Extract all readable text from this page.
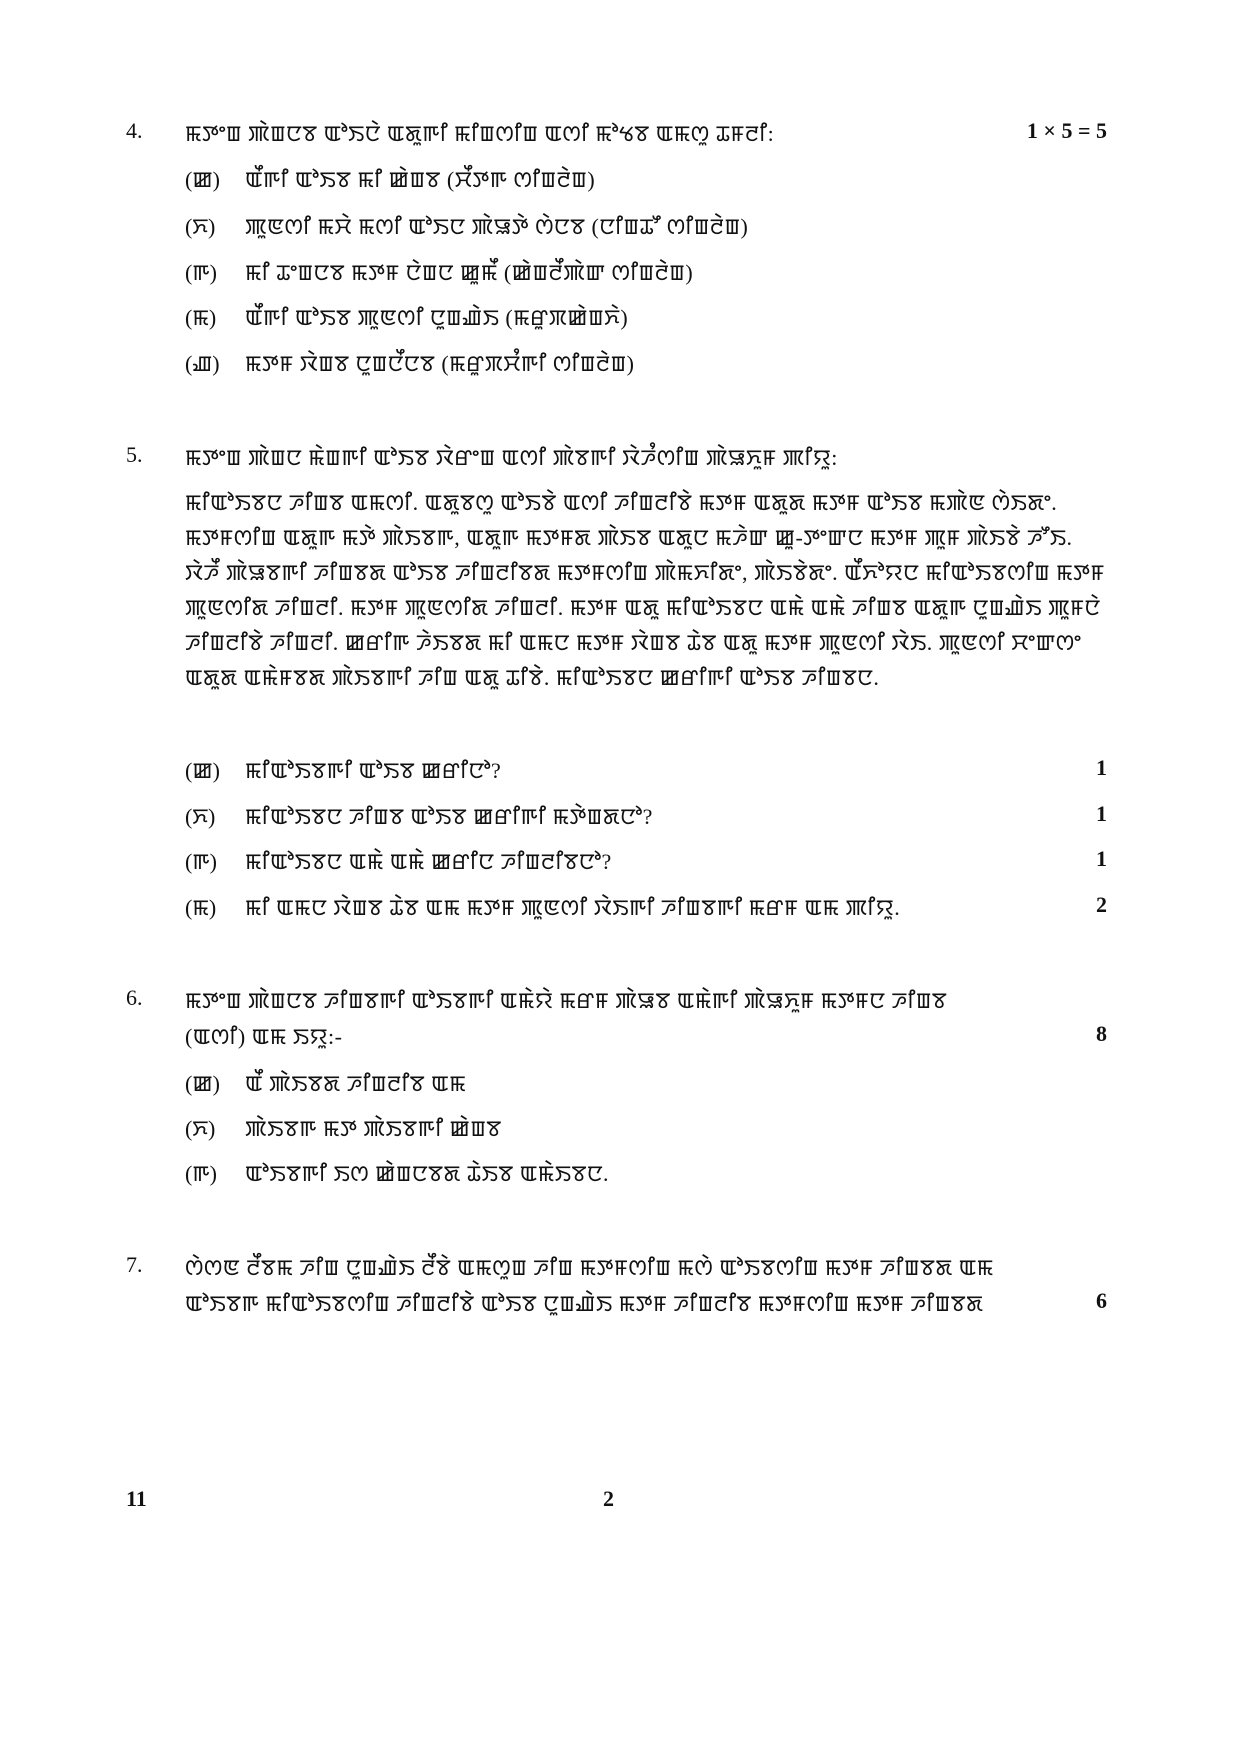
4. ꯃꯇꯦꯡ ꯄꯥꯡꯅꯕ ꯑꯣꯏꯅꯥ ꯑꯗꯨꯒꯤ ꯃꯤꯡꯁꯤꯡ ꯑꯁꯤ ꯃꯣꯠꯕ ꯑꯃꯁꯨ ꯊꯝꯂꯤ:	1 × 5 = 5
(ꯀ) ꯑꯩꯒꯤ ꯑꯣꯏꯕ ꯃꯤ ꯀꯥꯡꯕ (ꯆꯩꯇꯒ ꯁꯤꯡꯂꯥꯡ)
(ꯈ) ꯄꯨꯟꯁꯤ ꯃꯆꯥ ꯃꯁꯤ ꯑꯣꯏꯅ ꯄꯥꯎꯇꯥ ꯁꯥꯅꯕ (ꯅꯤꯡꯊꯧ ꯁꯤꯡꯂꯥꯡ)
(ꯒ) ꯃꯤ ꯊꯦꯡꯅꯕ ꯃꯇꯝ ꯅꯥꯡꯅ ꯀꯨꯃꯩ (ꯀꯥꯡꯂꯩꯄꯥꯛ ꯁꯤꯡꯂꯥꯡ)
(ꯃ) ꯑꯩꯒꯤ ꯑꯣꯏꯕ ꯄꯨꯟꯁꯤ ꯅꯨꯡꯉꯥꯏ (ꯃꯔꯨꯞꯀꯥꯡꯈꯥ)
(ꯉ) ꯃꯇꯝ ꯋꯥꯡꯕ ꯅꯨꯡꯅꯩꯅꯕ (ꯃꯔꯨꯞꯆꯪꯒꯤ ꯁꯤꯡꯂꯥꯡ)
5. ꯃꯇꯦꯡ ꯄꯥꯡꯅ ꯃꯥꯡꯒꯤ ꯑꯣꯏꯕ ꯋꯥꯔꯦꯡ ꯑꯁꯤ ꯄꯥꯕꯒꯤ ꯋꯥꯍꯪꯁꯤꯡ ꯄꯥꯎꯈꯨꯝ ꯄꯤꯌꯨ:
ꯃꯤꯑꯣꯏꯕꯅ ꯍꯤꯡꯕ ꯑꯃꯁꯤ. ꯑꯗꯨꯕꯁꯨ ꯑꯣꯏꯕꯥ ꯑꯁꯤ ꯍꯤꯡꯂꯤꯕꯥ ꯃꯇꯝ ꯑꯗꯨꯗ ꯃꯇꯝ ꯑꯣꯏꯕ ꯃꯄꯥꯟ ꯁꯥꯏꯗꯦ. ꯃꯇꯝꯁꯤꯡ ꯑꯗꯨꯒ ꯃꯇꯥ ꯄꯥꯏꯕꯒ, ꯑꯗꯨꯒ ꯃꯇꯝꯗ ꯄꯥꯏꯕ ꯑꯗꯨꯅ ꯃꯍꯥꯛ ꯀꯨ-ꯇꯦꯛꯅ ꯃꯇꯝ ꯄꯨꯝ ꯄꯥꯏꯕꯥ ꯍꯧꯏ. ꯋꯥꯍꯩ ꯄꯥꯎꯕꯒꯤ ꯍꯤꯡꯕꯗ ꯑꯣꯏꯕ ꯍꯤꯡꯂꯤꯕꯗ ꯃꯇꯝꯁꯤꯡ ꯄꯥꯃꯈꯤꯗꯦ, ꯄꯥꯏꯕꯥꯗꯦ. ꯑꯩꯈꯣꯌꯅ ꯃꯤꯑꯣꯏꯕꯁꯤꯡ ꯃꯇꯝ ꯄꯨꯟꯁꯤꯗ ꯍꯤꯡꯂꯤ. ꯃꯇꯝ ꯄꯨꯟꯁꯤꯗ ꯍꯤꯡꯂꯤ. ꯃꯇꯝ ꯑꯗꯨ ꯃꯤꯑꯣꯏꯕꯅ ꯑꯃꯥ ꯑꯃꯥ ꯍꯤꯡꯕ ꯑꯗꯨꯒ ꯅꯨꯡꯉꯥꯏ ꯄꯨꯝꯅꯥ ꯍꯤꯡꯂꯤꯕꯥ ꯍꯤꯡꯂꯤ. ꯀꯔꯤꯒ ꯍꯥꯏꯕꯗ ꯃꯤ ꯑꯃꯅ ꯃꯇꯝ ꯋꯥꯡꯕ ꯊꯥꯕ ꯑꯗꯨ ꯃꯇꯝ ꯄꯨꯟꯁꯤ ꯋꯥꯏ. ꯄꯨꯟꯁꯤ ꯆꯦꯛꯁꯦ ꯑꯗꯨꯗ ꯑꯃꯥꯝꯕꯗ ꯄꯥꯏꯕꯒꯤ ꯍꯤꯡ ꯑꯗꯨ ꯊꯤꯕꯥ. ꯃꯤꯑꯣꯏꯕꯅ ꯀꯔꯤꯒꯤ ꯑꯣꯏꯕ ꯍꯤꯡꯕꯅ.
(ꯀ) ꯃꯤꯑꯣꯏꯕꯒꯤ ꯑꯣꯏꯕ ꯀꯔꯤꯅꯣ?	1
(ꯈ) ꯃꯤꯑꯣꯏꯕꯅ ꯍꯤꯡꯕ ꯑꯣꯏꯕ ꯀꯔꯤꯒꯤ ꯃꯇꯥꯡꯗꯅꯣ?	1
(ꯒ) ꯃꯤꯑꯣꯏꯕꯅ ꯑꯃꯥ ꯑꯃꯥ ꯀꯔꯤꯅ ꯍꯤꯡꯂꯤꯕꯅꯣ?	1
(ꯃ) ꯃꯤ ꯑꯃꯅ ꯋꯥꯡꯕ ꯊꯥꯕ ꯑꯃ ꯃꯇꯝ ꯄꯨꯟꯁꯤ ꯋꯥꯏꯒꯤ ꯍꯤꯡꯕꯒꯤ ꯃꯔꯝ ꯑꯃ ꯄꯤꯌꯨ.	2
6. ꯃꯇꯦꯡ ꯄꯥꯡꯅꯕ ꯍꯤꯡꯕꯒꯤ ꯑꯣꯏꯕꯒꯤ ꯑꯃꯥꯌꯥ ꯃꯔꯝ ꯄꯥꯎꯕ ꯑꯃꯥꯒꯤ ꯄꯥꯎꯈꯨꯝ ꯃꯇꯝꯅ ꯍꯤꯡꯕ
(ꯑꯁꯤ) ꯑꯃ ꯏꯌꯨ:-	8
(ꯀ) ꯑꯩ ꯄꯥꯏꯕꯗ ꯍꯤꯡꯂꯤꯕ ꯑꯃ
(ꯈ) ꯄꯥꯏꯕꯒ ꯃꯇ ꯄꯥꯏꯕꯒꯤ ꯀꯥꯡꯕ
(ꯒ) ꯑꯣꯏꯕꯒꯤ ꯏꯁ ꯀꯥꯡꯅꯕꯗ ꯊꯥꯏꯕ ꯑꯃꯥꯏꯕꯅ.
7. ꯁꯥꯁꯟ ꯂꯩꯕꯃ ꯍꯤꯡ ꯅꯨꯡꯉꯥꯏ ꯂꯩꯕꯥ ꯑꯃꯁꯨꯡ ꯍꯤꯡ ꯃꯇꯝꯁꯤꯡ ꯃꯁꯥ ꯑꯣꯏꯕꯁꯤꯡ ꯃꯇꯝ ꯍꯤꯡꯕꯗ ꯑꯃ
ꯑꯣꯏꯕꯒ ꯃꯤꯑꯣꯏꯕꯁꯤꯡ ꯍꯤꯡꯂꯤꯕꯥ ꯑꯣꯏꯕ ꯅꯨꯡꯉꯥꯏ ꯃꯇꯝ ꯍꯤꯡꯂꯤꯕ ꯃꯇꯝꯁꯤꯡ ꯃꯇꯝ ꯍꯤꯡꯕꯗ	6
11	2
